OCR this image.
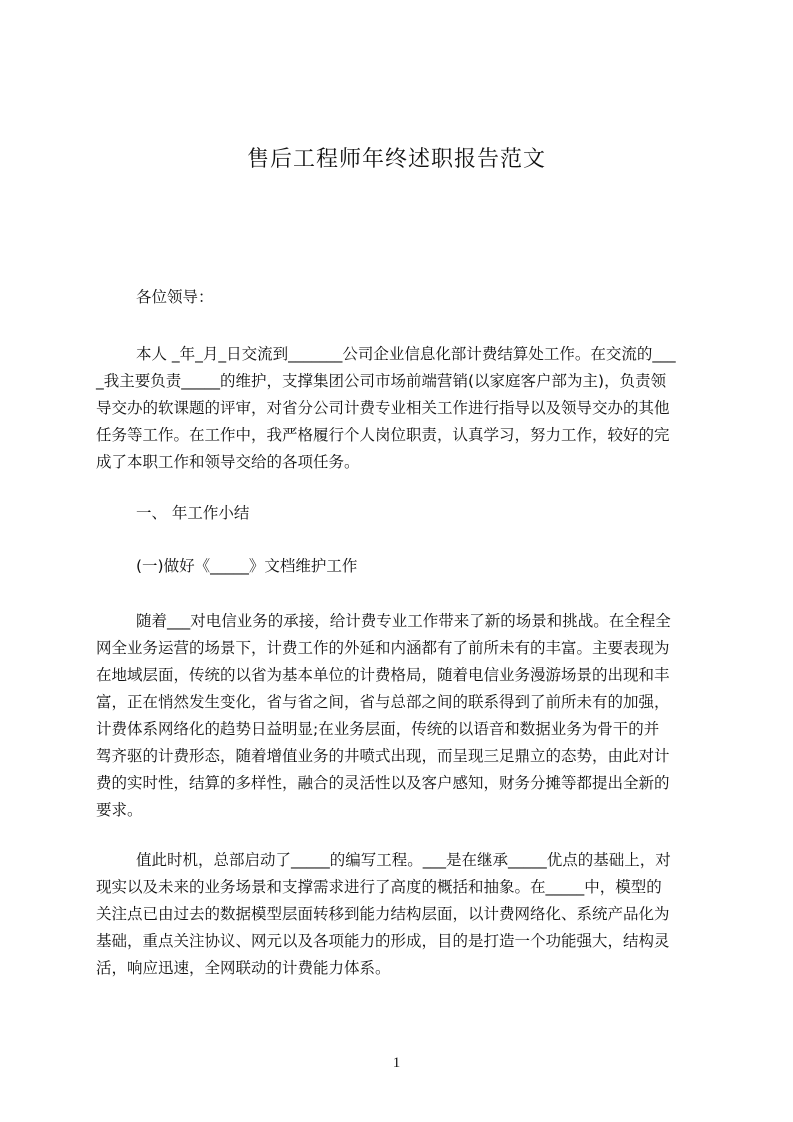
售后工程师年终述职报告范文

各位领导：

本人 _年_月_日交流到_______公司企业信息化部计费结算处工作。在交流的___
_我主要负责_____的维护，支撑集团公司市场前端营销(以家庭客户部为主)，负责领
导交办的软课题的评审，对省分公司计费专业相关工作进行指导以及领导交办的其他
任务等工作。在工作中，我严格履行个人岗位职责，认真学习，努力工作，较好的完
成了本职工作和领导交给的各项任务。

一、 年工作小结

(一)做好《_____》文档维护工作

随着___对电信业务的承接，给计费专业工作带来了新的场景和挑战。在全程全
网全业务运营的场景下，计费工作的外延和内涵都有了前所未有的丰富。主要表现为
在地域层面，传统的以省为基本单位的计费格局，随着电信业务漫游场景的出现和丰
富，正在悄然发生变化，省与省之间，省与总部之间的联系得到了前所未有的加强，
计费体系网络化的趋势日益明显;在业务层面，传统的以语音和数据业务为骨干的并
驾齐驱的计费形态，随着增值业务的井喷式出现，而呈现三足鼎立的态势，由此对计
费的实时性，结算的多样性，融合的灵活性以及客户感知，财务分摊等都提出全新的
要求。

值此时机，总部启动了_____的编写工程。___是在继承_____优点的基础上，对
现实以及未来的业务场景和支撑需求进行了高度的概括和抽象。在_____中，模型的
关注点已由过去的数据模型层面转移到能力结构层面，以计费网络化、系统产品化为
基础，重点关注协议、网元以及各项能力的形成，目的是打造一个功能强大，结构灵
活，响应迅速，全网联动的计费能力体系。

1
